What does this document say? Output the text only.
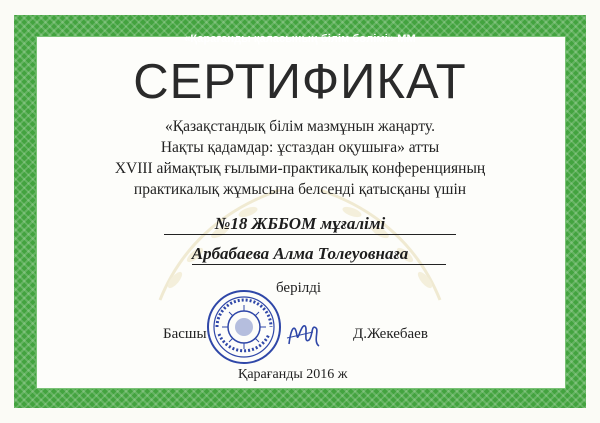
«Қарағанды қаласының білім бөлімі» ММ
СЕРТИФИКАТ
«Қазақстандық білім мазмұнын жаңарту.
Нақты қадамдар: ұстаздан оқушыға» атты
XVIII аймақтық ғылыми-практикалық конференцияның
практикалық жұмысына белсенді қатысқаны үшін
№18 ЖББОМ мұғалімі
Арбабаева Алма Толеуовнаға
берілді
Басшы	Д.Жекебаев
Қарағанды 2016 ж
